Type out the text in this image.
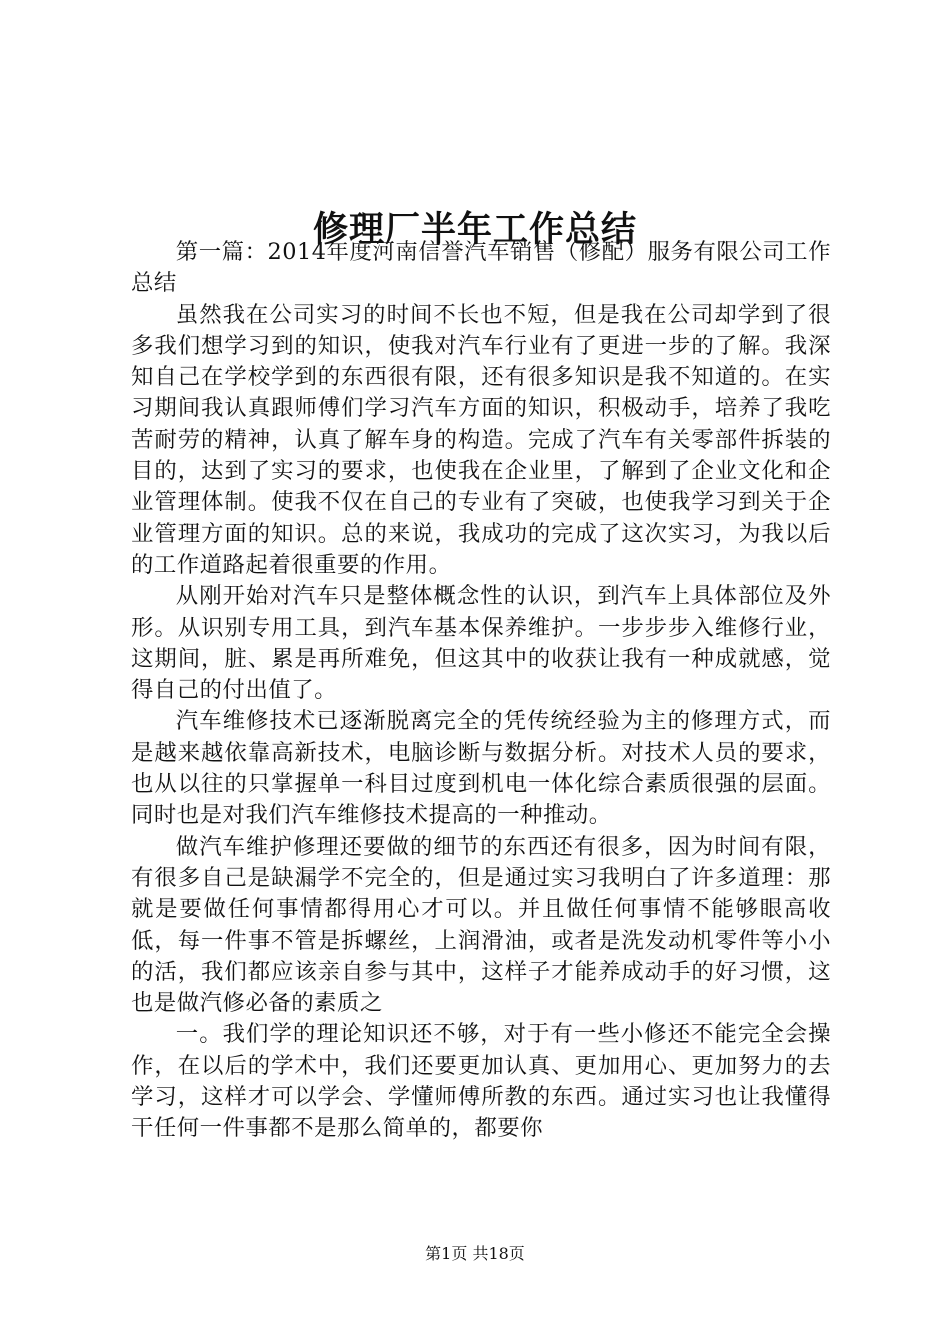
修理厂半年工作总结

第一篇：2014年度河南信誉汽车销售（修配）服务有限公司工作总结

虽然我在公司实习的时间不长也不短，但是我在公司却学到了很多我们想学习到的知识，使我对汽车行业有了更进一步的了解。我深知自己在学校学到的东西很有限，还有很多知识是我不知道的。在实习期间我认真跟师傅们学习汽车方面的知识，积极动手，培养了我吃苦耐劳的精神，认真了解车身的构造。完成了汽车有关零部件拆装的目的，达到了实习的要求，也使我在企业里，了解到了企业文化和企业管理体制。使我不仅在自己的专业有了突破，也使我学习到关于企业管理方面的知识。总的来说，我成功的完成了这次实习，为我以后的工作道路起着很重要的作用。

从刚开始对汽车只是整体概念性的认识，到汽车上具体部位及外形。从识别专用工具，到汽车基本保养维护。一步步步入维修行业，这期间，脏、累是再所难免，但这其中的收获让我有一种成就感，觉得自己的付出值了。

汽车维修技术已逐渐脱离完全的凭传统经验为主的修理方式，而是越来越依靠高新技术，电脑诊断与数据分析。对技术人员的要求，也从以往的只掌握单一科目过度到机电一体化综合素质很强的层面。同时也是对我们汽车维修技术提高的一种推动。

做汽车维护修理还要做的细节的东西还有很多，因为时间有限，有很多自己是缺漏学不完全的，但是通过实习我明白了许多道理：那就是要做任何事情都得用心才可以。并且做任何事情不能够眼高收低，每一件事不管是拆螺丝，上润滑油，或者是洗发动机零件等小小的活，我们都应该亲自参与其中，这样子才能养成动手的好习惯，这也是做汽修必备的素质之

一。我们学的理论知识还不够，对于有一些小修还不能完全会操作，在以后的学术中，我们还要更加认真、更加用心、更加努力的去学习，这样才可以学会、学懂师傅所教的东西。通过实习也让我懂得干任何一件事都不是那么简单的，都要你

第1页 共18页
